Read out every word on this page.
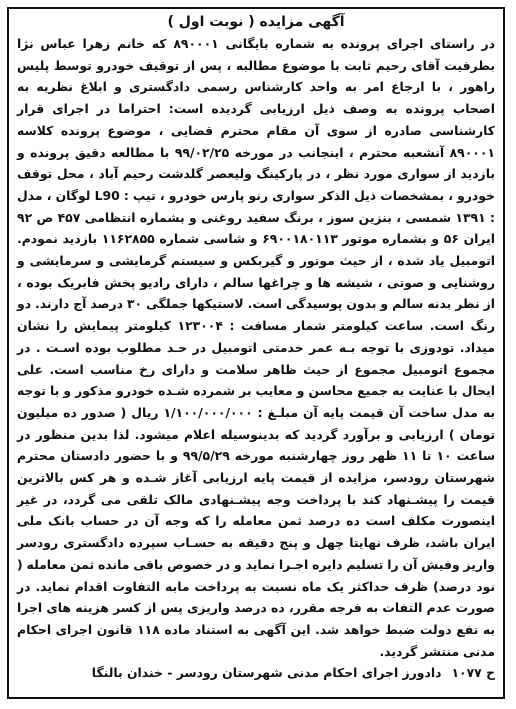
آگهی مزایده ( نوبت اول )

در راستای اجرای پرونده به شماره بایگانی ۸۹۰۰۰۱ که خانم زهرا عباس نژا بطرفیت آقای رحیم ثابت با موضوع مطالبه ، پس از توقیف خودرو توسط پلیس راهور ، با ارجاع امر به واحد کارشناس رسمی دادگستری و ابلاغ نظریه به اصحاب پرونده به وصف ذیل ارزیابی گردیده است: احتراما در اجرای قرار کارشناسی صادره از سوی آن مقام محترم قضایی ، موضوع پرونده کلاسه ۸۹۰۰۰۱ آنشعبه محترم ، اینجانب در مورخه ۹۹/۰۲/۲۵ با مطالعه دقیق پرونده و بازدید از سواری مورد نظر ، در پارکینگ ولیعصر گلدشت رحیم آباد ، محل توقف خودرو ، بمشخصات ذیل الذکر سواری رنو پارس خودرو ، تیپ : L90 لوگان ، مدل : ۱۳۹۱ شمسی ، بنزین سوز ، برنگ سفید روغنی و بشماره انتظامی ۴۵۷ ص ۹۲ ایران ۵۶ و بشماره موتور ۶۹۰۰۱۸۰۱۱۳ و شاسی شماره ۱۱۶۲۸۵۵ بازدید نمودم. اتومبیل یاد شده ، از حیث موتور و گیربکس و سیستم گرمایشی و سرمایشی و روشنایی و صوتی ، شیشه ها و چراغها سالم ، دارای رادیو پخش فابریک بوده ، از نظر بدنه سالم و بدون پوسیدگی است. لاستیکها جملگی ۳۰ درصد آج دارند. دو رنگ است. ساعت کیلومتر شمار مسافت : ۱۲۳۰۰۴ کیلومتر پیمایش را نشان میداد. تودوزی با توجه بـه عمر خدمتی اتومبیل در حـد مطلوب بوده اسـت . در مجموع اتومبیل مجموع از حیث ظاهر سلامت و دارای رخ مناسب است. علی ایحال با عنایت به جمیع محاسن و معایب بر شمرده شـده خودرو مذکور و با توجه به مدل ساخت آن قیمت پایه آن مبلـغ : ۱/۱۰۰/۰۰۰/۰۰۰ ریال ( صدور ده میلیون تومان ) ارزیابی و برآورد گردید که بدینوسیله اعلام میشود. لذا بدین منظور در ساعت ۱۰ تا ۱۱ ظهر روز چهارشنبه مورخه ۹۹/۵/۲۹ و با حضور دادستان محترم شهرستان رودسر، مزایده از قیمت پایه ارزیابی آغاز شـده و هر کس بالاترین قیمت را پیشـنهاد کند با پرداخت وجه پیشـنهادی مالک تلقی می گردد، در غیر اینصورت مکلف است ده درصد ثمن معامله را که وجه آن در حساب بانک ملی ایران باشد، ظرف نهایتا چهل و پنج دقیقه به حسـاب سپرده دادگستری رودسر واریز وفیش آن را تسلیم دایره اجـرا نماید و در خصوص باقی مانده ثمن معامله ( نود درصد) ظرف حداکثر یک ماه نسبت به پرداخت مابه التفاوت اقدام نماید. در صورت عدم التفات به فرجه مقرر، ده درصد واریزی پس از کسر هزینه های اجرا به نفع دولت ضبط خواهد شد. این آگهی به استناد ماده ۱۱۸ قانون اجرای احکام مدنی منتشر گردید.

ح ۱۰۷۷
دادورز اجرای احکام مدنی شهرستان رودسر - خندان بالنگا
